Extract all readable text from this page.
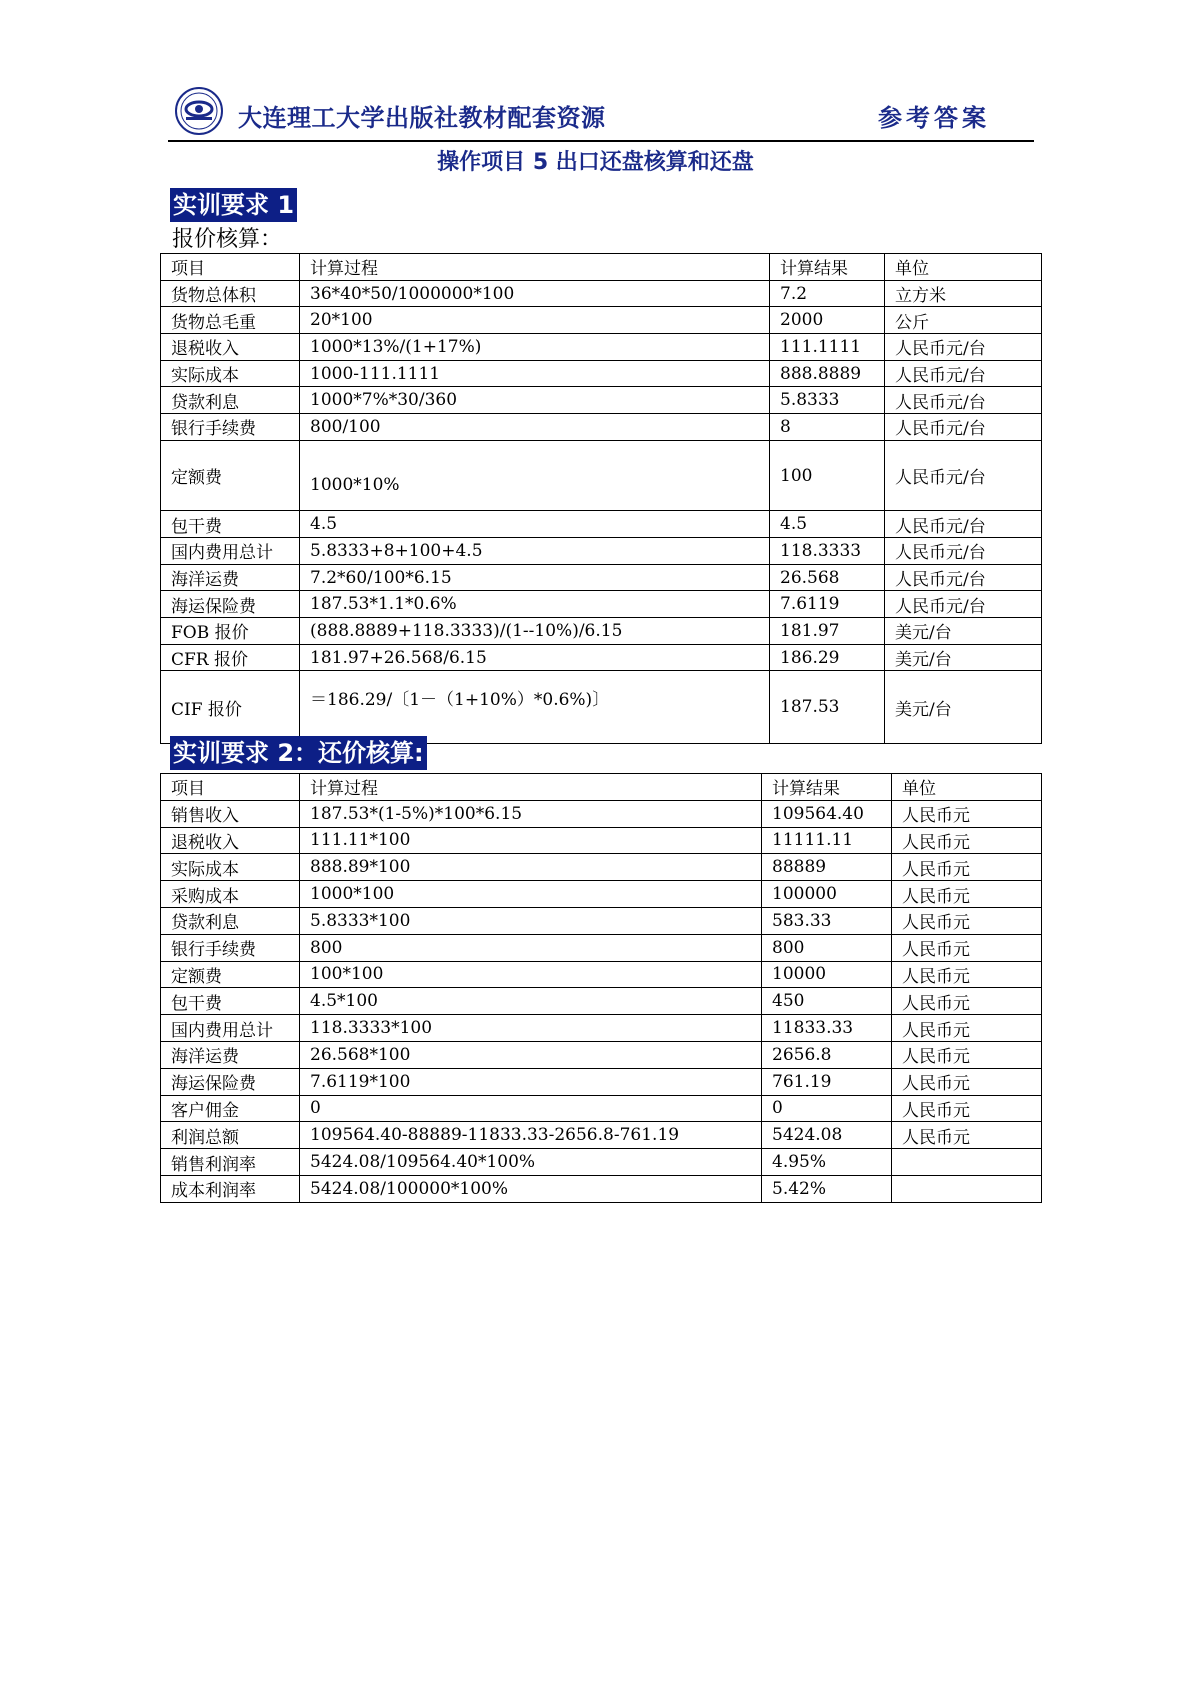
大连理工大学出版社教材配套资源	参考答案
操作项目 5 出口还盘核算和还盘
实训要求 1
报价核算：
项目	计算过程	计算结果	单位
货物总体积	36*40*50/1000000*100	7.2	立方米
货物总毛重	20*100	2000	公斤
退税收入	1000*13%/(1+17%)	111.1111	人民币元/台
实际成本	1000-111.1111	888.8889	人民币元/台
贷款利息	1000*7%*30/360	5.8333	人民币元/台
银行手续费	800/100	8	人民币元/台
定额费	1000*10%	100	人民币元/台
包干费	4.5	4.5	人民币元/台
国内费用总计	5.8333+8+100+4.5	118.3333	人民币元/台
海洋运费	7.2*60/100*6.15	26.568	人民币元/台
海运保险费	187.53*1.1*0.6%	7.6119	人民币元/台
FOB 报价	(888.8889+118.3333)/(1--10%)/6.15	181.97	美元/台
CFR 报价	181.97+26.568/6.15	186.29	美元/台
CIF 报价	＝186.29/〔1－（1+10%）*0.6%)〕	187.53	美元/台
实训要求 2：还价核算:
项目	计算过程	计算结果	单位
销售收入	187.53*(1-5%)*100*6.15	109564.40	人民币元
退税收入	111.11*100	11111.11	人民币元
实际成本	888.89*100	88889	人民币元
采购成本	1000*100	100000	人民币元
贷款利息	5.8333*100	583.33	人民币元
银行手续费	800	800	人民币元
定额费	100*100	10000	人民币元
包干费	4.5*100	450	人民币元
国内费用总计	118.3333*100	11833.33	人民币元
海洋运费	26.568*100	2656.8	人民币元
海运保险费	7.6119*100	761.19	人民币元
客户佣金	0	0	人民币元
利润总额	109564.40-88889-11833.33-2656.8-761.19	5424.08	人民币元
销售利润率	5424.08/109564.40*100%	4.95%	
成本利润率	5424.08/100000*100%	5.42%	
